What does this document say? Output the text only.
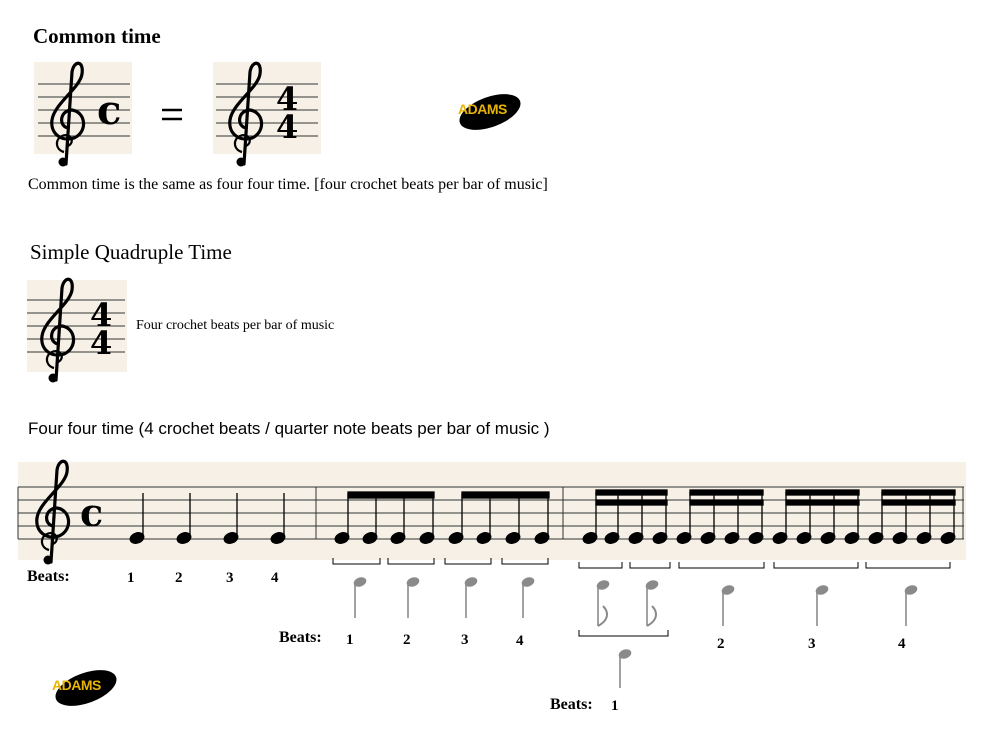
Common time
Common time is the same as four four time. [four crochet beats per bar of music]
Simple Quadruple Time
Four crochet beats per bar of music
Four four time (4 crochet beats / quarter note beats per bar of music )
Beats:
Beats:
Beats:
c	4
4	ADAMS
4
4
c
1	2	3	4
1	2	3	4
1
2	3	4
ADAMS
